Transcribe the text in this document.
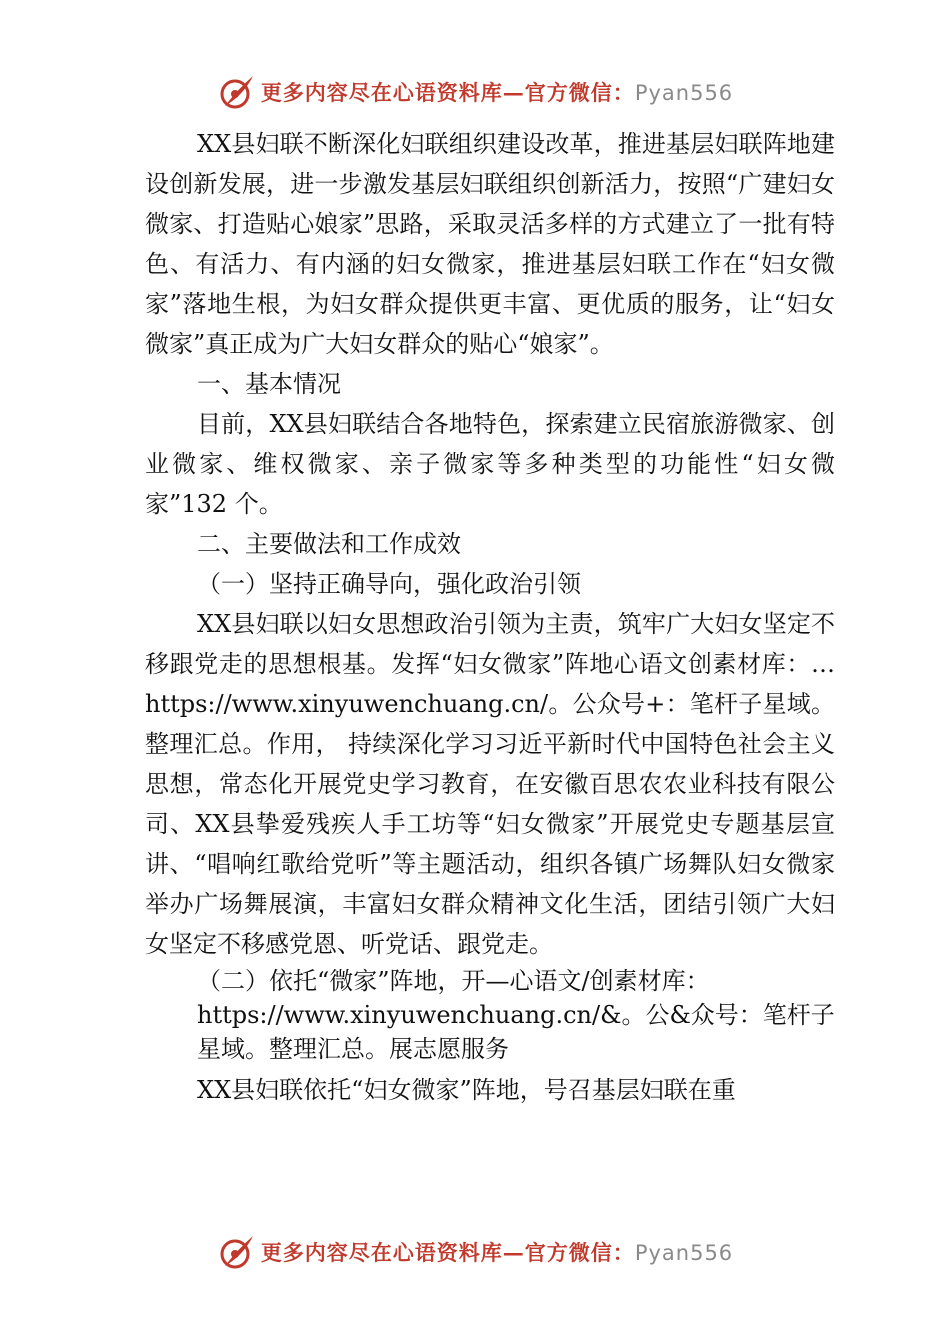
更多内容尽在心语资料库—官方微信：Pyan556

XX县妇联不断深化妇联组织建设改革，推进基层妇联阵地建设创新发展，进一步激发基层妇联组织创新活力，按照“广建妇女微家、打造贴心娘家”思路，采取灵活多样的方式建立了一批有特色、有活力、有内涵的妇女微家，推进基层妇联工作在“妇女微家”落地生根，为妇女群众提供更丰富、更优质的服务，让“妇女微家”真正成为广大妇女群众的贴心“娘家”。

一、基本情况

目前，XX县妇联结合各地特色，探索建立民宿旅游微家、创业微家、维权微家、亲子微家等多种类型的功能性“妇女微家”132 个。

二、主要做法和工作成效

（一）坚持正确导向，强化政治引领

XX县妇联以妇女思想政治引领为主责，筑牢广大妇女坚定不移跟党走的思想根基。发挥“妇女微家”阵地心语文创素材库：…https://www.xinyuwenchuang.cn/。公众号+：笔杆子星域。整理汇总。作用， 持续深化学习习近平新时代中国特色社会主义思想，常态化开展党史学习教育，在安徽百思农农业科技有限公司、XX县挚爱残疾人手工坊等“妇女微家”开展党史专题基层宣讲、“唱响红歌给党听”等主题活动，组织各镇广场舞队妇女微家举办广场舞展演，丰富妇女群众精神文化生活，团结引领广大妇女坚定不移感党恩、听党话、跟党走。

（二）依托“微家”阵地，开—心语文/创素材库：https://www.xinyuwenchuang.cn/&。公&众号：笔杆子星域。整理汇总。展志愿服务

XX县妇联依托“妇女微家”阵地，号召基层妇联在重

更多内容尽在心语资料库—官方微信：Pyan556
